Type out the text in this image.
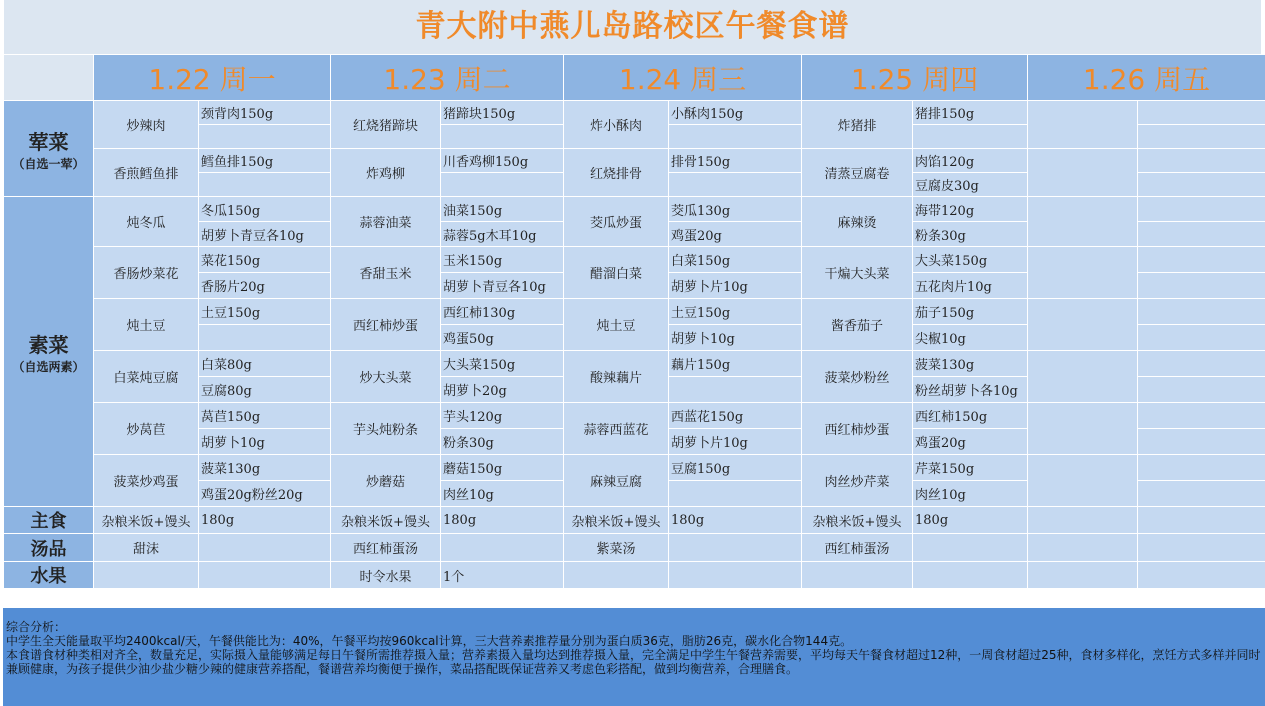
青大附中燕儿岛路校区午餐食谱
	1.22 周一		1.23 周二		1.24 周三		1.25 周四		1.26 周五	

荤菜
（自选一荤）	炒辣肉	颈背肉150g	红烧猪蹄块	猪蹄块150g	炸小酥肉	小酥肉150g	炸猪排	猪排150g		

	香煎鳕鱼排	鳕鱼排150g	炸鸡柳	川香鸡柳150g	红烧排骨	排骨150g	清蒸豆腐卷	肉馅120g		
								豆腐皮30g		

素菜
（自选两素）	炖冬瓜	冬瓜150g	蒜蓉油菜	油菜150g	茭瓜炒蛋	茭瓜130g	麻辣烫	海带120g		
		胡萝卜青豆各10g		蒜蓉5g木耳10g		鸡蛋20g		粉条30g		
	香肠炒菜花	菜花150g	香甜玉米	玉米150g	醋溜白菜	白菜150g	干煸大头菜	大头菜150g		
		香肠片20g		胡萝卜青豆各10g		胡萝卜片10g		五花肉片10g		
	炖土豆	土豆150g	西红柿炒蛋	西红柿130g	炖土豆	土豆150g	酱香茄子	茄子150g		
				鸡蛋50g		胡萝卜10g		尖椒10g		
	白菜炖豆腐	白菜80g	炒大头菜	大头菜150g	酸辣藕片	藕片150g	菠菜炒粉丝	菠菜130g		
		豆腐80g		胡萝卜20g				粉丝胡萝卜各10g		
	炒莴苣	莴苣150g	芋头炖粉条	芋头120g	蒜蓉西蓝花	西蓝花150g	西红柿炒蛋	西红柿150g		
		胡萝卜10g		粉条30g		胡萝卜片10g		鸡蛋20g		
	菠菜炒鸡蛋	菠菜130g	炒蘑菇	蘑菇150g	麻辣豆腐	豆腐150g	肉丝炒芹菜	芹菜150g		
		鸡蛋20g粉丝20g		肉丝10g				肉丝10g		
主食	杂粮米饭+馒头	180g	杂粮米饭+馒头	180g	杂粮米饭+馒头	180g	杂粮米饭+馒头	180g		
汤品	甜沫		西红柿蛋汤		紫菜汤		西红柿蛋汤			
水果			时令水果	1个						
综合分析：
中学生全天能量取平均2400kcal/天，午餐供能比为：40%，午餐平均按960kcal计算，三大营养素推荐量分别为蛋白质36克，脂肪26克，碳水化合物144克。
本食谱食材种类相对齐全，数量充足，实际摄入量能够满足每日午餐所需推荐摄入量；营养素摄入量均达到推荐摄入量，完全满足中学生午餐营养需要，平均每天午餐食材超过12种，一周食材超过25种，食材多样化，烹饪方式多样并同时兼顾健康，为孩子提供少油少盐少糖少辣的健康营养搭配，餐谱营养均衡便于操作，菜品搭配既保证营养又考虑色彩搭配，做到均衡营养，合理膳食。
